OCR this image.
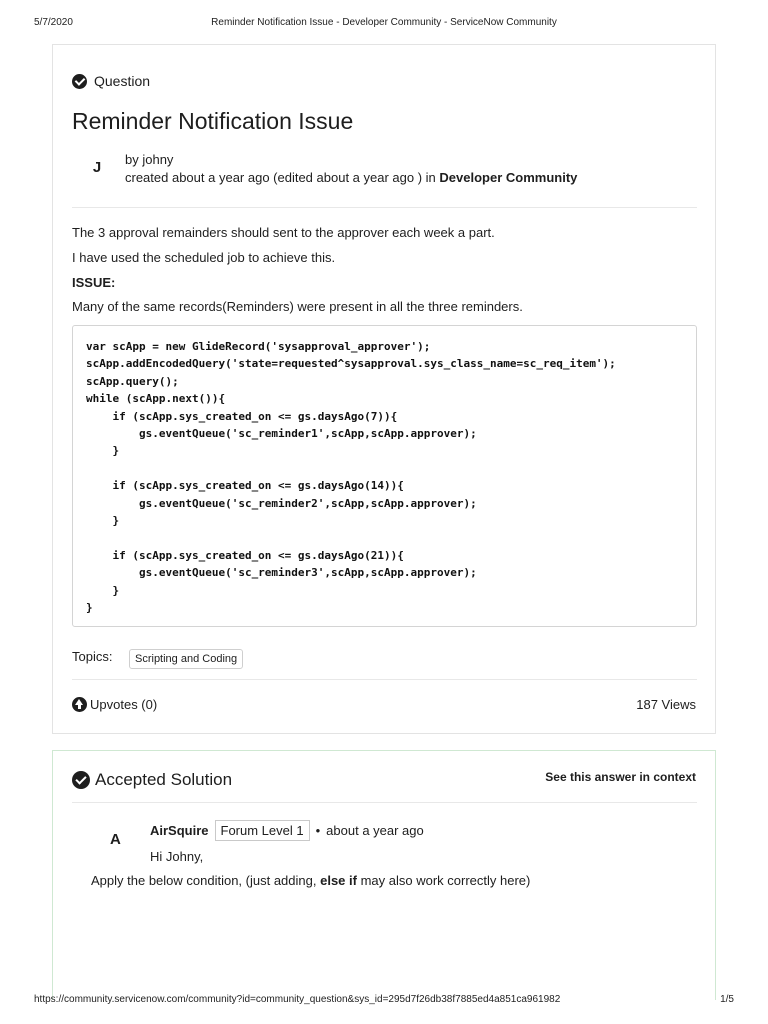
5/7/2020	Reminder Notification Issue - Developer Community - ServiceNow Community
Question
Reminder Notification Issue
J by johny
created about a year ago (edited about a year ago ) in Developer Community
The 3 approval remainders should sent to the approver each week a part.
I have used the scheduled job to achieve this.
ISSUE:
Many of the same records(Reminders) were present in all the three reminders.
var scApp = new GlideRecord('sysapproval_approver');
scApp.addEncodedQuery('state=requested^sysapproval.sys_class_name=sc_req_item');
scApp.query();
while (scApp.next()){
if (scApp.sys_created_on <= gs.daysAgo(7)){
gs.eventQueue('sc_reminder1',scApp,scApp.approver);
}

if (scApp.sys_created_on <= gs.daysAgo(14)){
gs.eventQueue('sc_reminder2',scApp,scApp.approver);
}

if (scApp.sys_created_on <= gs.daysAgo(21)){
gs.eventQueue('sc_reminder3',scApp,scApp.approver);
}
}
Topics:	Scripting and Coding
Upvotes (0)	187 Views
Accepted Solution	See this answer in context
A
AirSquire Forum Level 1 • about a year ago
Hi Johny,
Apply the below condition, (just adding, else if may also work correctly here)
https://community.servicenow.com/community?id=community_question&sys_id=295d7f26db38f7885ed4a851ca961982	1/5
